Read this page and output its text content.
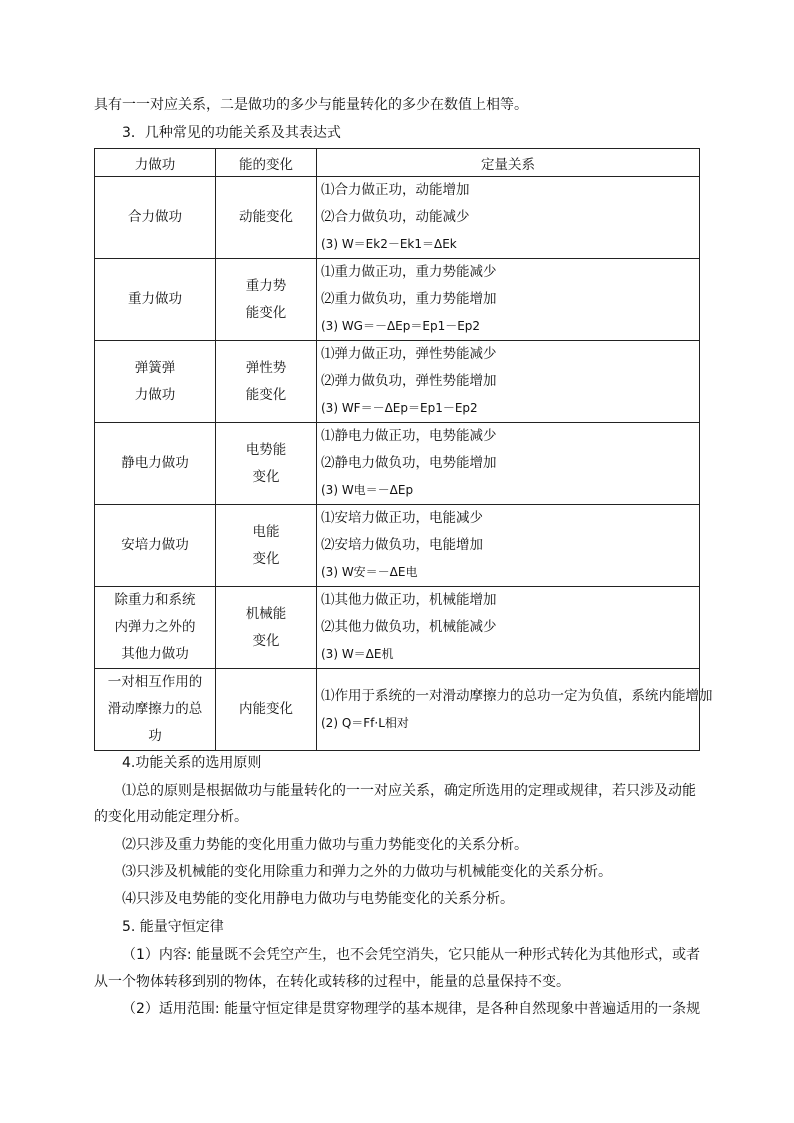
具有一一对应关系，二是做功的多少与能量转化的多少在数值上相等。
3．几种常见的功能关系及其表达式
力做功	能的变化	定量关系

合力做功	动能变化	⑴合力做正功，动能增加
⑵合力做负功，动能减少
(3) W＝Ek2－Ek1＝ΔEk

重力做功	重力势
能变化	⑴重力做正功，重力势能减少
⑵重力做负功，重力势能增加
(3) WG＝－ΔEp＝Ep1－Ep2

弹簧弹
力做功	弹性势
能变化	⑴弹力做正功，弹性势能减少
⑵弹力做负功，弹性势能增加
(3) WF＝－ΔEp＝Ep1－Ep2

静电力做功	电势能
变化	⑴静电力做正功，电势能减少
⑵静电力做负功，电势能增加
(3) W电＝－ΔEp

安培力做功	电能
变化	⑴安培力做正功，电能减少
⑵安培力做负功，电能增加
(3) W安＝－ΔE电

除重力和系统
内弹力之外的
其他力做功	机械能
变化	⑴其他力做正功，机械能增加
⑵其他力做负功，机械能减少
(3) W＝ΔE机

一对相互作用的
滑动摩擦力的总
功	内能变化	⑴作用于系统的一对滑动摩擦力的总功一定为负值，系统内能增加
(2) Q＝Ff·L相对
4.功能关系的选用原则
⑴总的原则是根据做功与能量转化的一一对应关系，确定所选用的定理或规律，若只涉及动能
的变化用动能定理分析。
⑵只涉及重力势能的变化用重力做功与重力势能变化的关系分析。
⑶只涉及机械能的变化用除重力和弹力之外的力做功与机械能变化的关系分析。
⑷只涉及电势能的变化用静电力做功与电势能变化的关系分析。
5. 能量守恒定律
（1）内容: 能量既不会凭空产生，也不会凭空消失，它只能从一种形式转化为其他形式，或者
从一个物体转移到别的物体，在转化或转移的过程中，能量的总量保持不变。
（2）适用范围: 能量守恒定律是贯穿物理学的基本规律，是各种自然现象中普遍适用的一条规
